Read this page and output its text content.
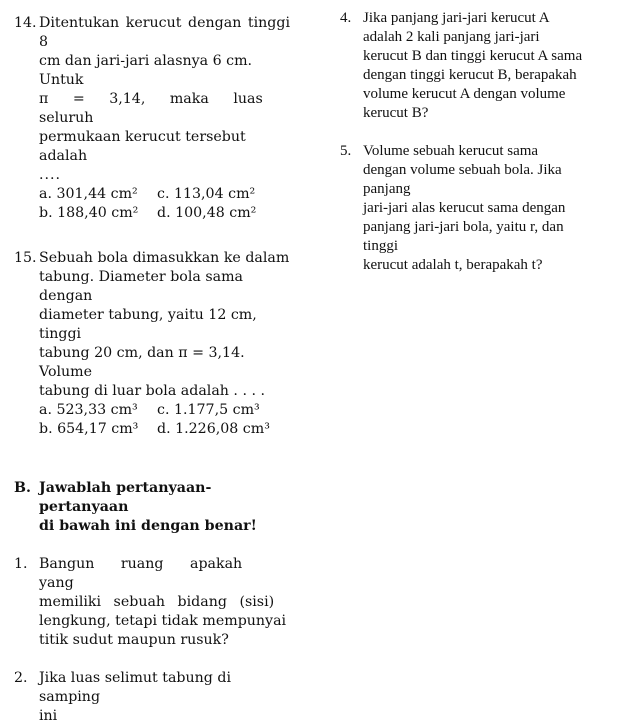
14. Ditentukan kerucut dengan tinggi 8
cm dan jari-jari alasnya 6 cm. Untuk
π = 3,14, maka luas seluruh
permukaan kerucut tersebut adalah
....
a. 301,44 cm²	c. 113,04 cm²
b. 188,40 cm²	d. 100,48 cm²
15. Sebuah bola dimasukkan ke dalam
tabung. Diameter bola sama dengan
diameter tabung, yaitu 12 cm, tinggi
tabung 20 cm, dan π = 3,14. Volume
tabung di luar bola adalah . . . .
a. 523,33 cm³	c. 1.177,5 cm³
b. 654,17 cm³	d. 1.226,08 cm³
B. Jawablah pertanyaan-pertanyaan
di bawah ini dengan benar!
1. Bangun ruang apakah yang
memiliki sebuah bidang (sisi)
lengkung, tetapi tidak mempunyai
titik sudut maupun rusuk?
2. Jika luas selimut tabung di samping
ini
4. Jika panjang jari-jari kerucut A
adalah 2 kali panjang jari-jari
kerucut B dan tinggi kerucut A sama
dengan tinggi kerucut B, berapakah
volume kerucut A dengan volume
kerucut B?
5. Volume sebuah kerucut sama
dengan volume sebuah bola. Jika
panjang
jari-jari alas kerucut sama dengan
panjang jari-jari bola, yaitu r, dan
tinggi
kerucut adalah t, berapakah t?
